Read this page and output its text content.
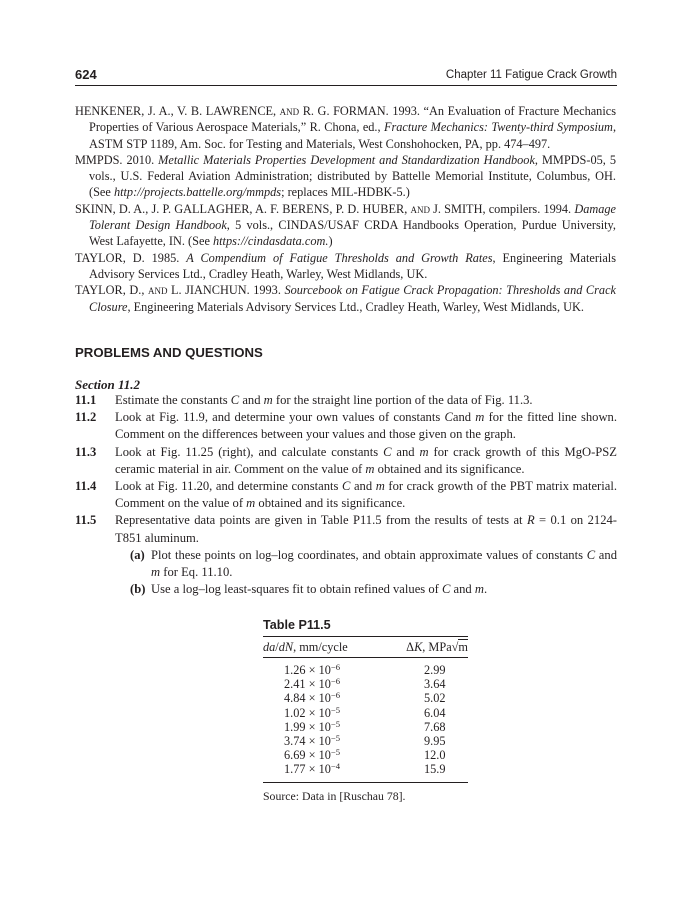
624	Chapter 11 Fatigue Crack Growth

HENKENER, J. A., V. B. LAWRENCE, and R. G. FORMAN. 1993. “An Evaluation of Fracture Mechanics Properties of Various Aerospace Materials,” R. Chona, ed., Fracture Mechanics: Twenty-third Symposium, ASTM STP 1189, Am. Soc. for Testing and Materials, West Conshohocken, PA, pp. 474–497.

MMPDS. 2010. Metallic Materials Properties Development and Standardization Handbook, MMPDS-05, 5 vols., U.S. Federal Aviation Administration; distributed by Battelle Memorial Institute, Columbus, OH. (See http://projects.battelle.org/mmpds; replaces MIL-HDBK-5.)

SKINN, D. A., J. P. GALLAGHER, A. F. BERENS, P. D. HUBER, and J. SMITH, compilers. 1994. Damage Tolerant Design Handbook, 5 vols., CINDAS/USAF CRDA Handbooks Operation, Purdue University, West Lafayette, IN. (See https://cindasdata.com.)

TAYLOR, D. 1985. A Compendium of Fatigue Thresholds and Growth Rates, Engineering Materials Advisory Services Ltd., Cradley Heath, Warley, West Midlands, UK.

TAYLOR, D., and L. JIANCHUN. 1993. Sourcebook on Fatigue Crack Propagation: Thresholds and Crack Closure, Engineering Materials Advisory Services Ltd., Cradley Heath, Warley, West Midlands, UK.

PROBLEMS AND QUESTIONS
Section 11.2
11.1 Estimate the constants C and m for the straight line portion of the data of Fig. 11.3.
11.2 Look at Fig. 11.9, and determine your own values of constants Cand m for the fitted line shown. Comment on the differences between your values and those given on the graph.
11.3 Look at Fig. 11.25 (right), and calculate constants C and m for crack growth of this MgO-PSZ ceramic material in air. Comment on the value of m obtained and its significance.
11.4 Look at Fig. 11.20, and determine constants C and m for crack growth of the PBT matrix material. Comment on the value of m obtained and its significance.
11.5 Representative data points are given in Table P11.5 from the results of tests at R = 0.1 on 2124-T851 aluminum.
(a) Plot these points on log–log coordinates, and obtain approximate values of constants C and m for Eq. 11.10.
(b) Use a log–log least-squares fit to obtain refined values of C and m.
Table P11.5
da/dN, mm/cycle	ΔK, MPa√m
$1.26 \times 10^{-6}$	2.99
$2.41 \times 10^{-6}$	3.64
$4.84 \times 10^{-6}$	5.02
$1.02 \times 10^{-5}$	6.04
$1.99 \times 10^{-5}$	7.68
$3.74 \times 10^{-5}$	9.95
$6.69 \times 10^{-5}$	12.0
$1.77 \times 10^{-4}$	15.9
Source: Data in [Ruschau 78].
